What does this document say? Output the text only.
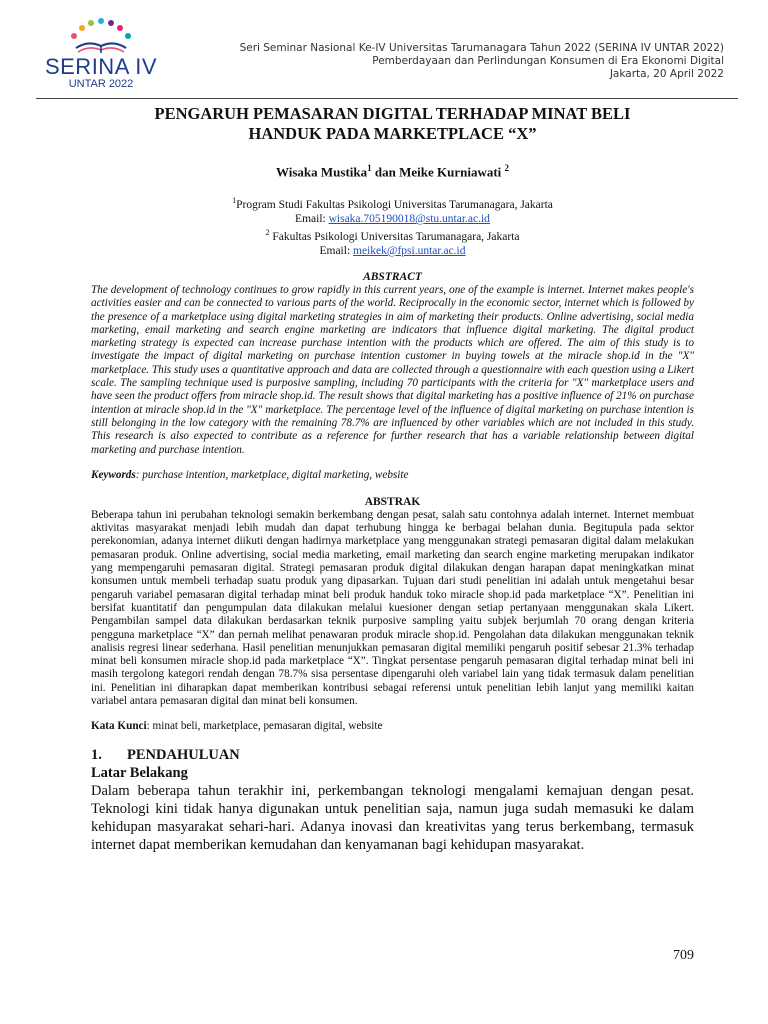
SERINA IV
UNTAR 2022
Seri Seminar Nasional Ke-IV Universitas Tarumanagara Tahun 2022 (SERINA IV UNTAR 2022)
Pemberdayaan dan Perlindungan Konsumen di Era Ekonomi Digital
Jakarta, 20 April 2022
PENGARUH PEMASARAN DIGITAL TERHADAP MINAT BELI
HANDUK PADA MARKETPLACE “X”
Wisaka Mustika$^1$ dan Meike Kurniawati $^2$
$^1$Program Studi Fakultas Psikologi Universitas Tarumanagara, Jakarta
Email: wisaka.705190018@stu.untar.ac.id
$^2$ Fakultas Psikologi Universitas Tarumanagara, Jakarta
Email: meikek@fpsi.untar.ac.id
ABSTRACT

The development of technology continues to grow rapidly in this current years, one of the example is internet. Internet makes people's activities easier and can be connected to various parts of the world. Reciprocally in the economic sector, internet which is followed by the presence of a marketplace using digital marketing strategies in aim of marketing their products. Online advertising, social media marketing, email marketing and search engine marketing are indicators that influence digital marketing. The digital product marketing strategy is expected can increase purchase intention with the products which are offered. The aim of this study is to investigate the impact of digital marketing on purchase intention customer in buying towels at the miracle shop.id in the "X" marketplace. This study uses a quantitative approach and data are collected through a questionnaire with each question using a Likert scale. The sampling technique used is purposive sampling, including 70 participants with the criteria for "X" marketplace users and have seen the product offers from miracle shop.id. The result shows that digital marketing has a positive influence of 21% on purchase intention at miracle shop.id in the "X" marketplace. The percentage level of the influence of digital marketing on purchase intention is still belonging in the low category with the remaining 78.7% are influenced by other variables which are not included in this study. This research is also expected to contribute as a reference for further research that has a variable relationship between digital marketing and purchase intention.

Keywords: purchase intention, marketplace, digital marketing, website
ABSTRAK

Beberapa tahun ini perubahan teknologi semakin berkembang dengan pesat, salah satu contohnya adalah internet. Internet membuat aktivitas masyarakat menjadi lebih mudah dan dapat terhubung hingga ke berbagai belahan dunia. Begitupula pada sektor perekonomian, adanya internet diikuti dengan hadirnya marketplace yang menggunakan strategi pemasaran digital dalam melakukan pemasaran produk. Online advertising, social media marketing, email marketing dan search engine marketing merupakan indikator yang mempengaruhi pemasaran digital. Strategi pemasaran produk digital dilakukan dengan harapan dapat meningkatkan minat konsumen untuk membeli terhadap suatu produk yang dipasarkan. Tujuan dari studi penelitian ini adalah untuk mengetahui besar pengaruh variabel pemasaran digital terhadap minat beli produk handuk toko miracle shop.id pada marketplace “X”. Penelitian ini bersifat kuantitatif dan pengumpulan data dilakukan melalui kuesioner dengan setiap pertanyaan menggunakan skala Likert. Pengambilan sampel data dilakukan berdasarkan teknik purposive sampling yaitu subjek berjumlah 70 orang dengan kriteria pengguna marketplace “X” dan pernah melihat penawaran produk miracle shop.id. Pengolahan data dilakukan menggunakan teknik analisis regresi linear sederhana. Hasil penelitian menunjukkan pemasaran digital memiliki pengaruh positif sebesar 21.3% terhadap minat beli konsumen miracle shop.id pada marketplace “X”. Tingkat persentase pengaruh pemasaran digital terhadap minat beli ini masih tergolong kategori rendah dengan 78.7% sisa persentase dipengaruhi oleh variabel lain yang tidak termasuk dalam penelitian ini. Penelitian ini diharapkan dapat memberikan kontribusi sebagai referensi untuk penelitian lebih lanjut yang memiliki kaitan variabel antara pemasaran digital dan minat beli konsumen.

Kata Kunci: minat beli, marketplace, pemasaran digital, website
1. PENDAHULUAN
Latar Belakang

Dalam beberapa tahun terakhir ini, perkembangan teknologi mengalami kemajuan dengan pesat. Teknologi kini tidak hanya digunakan untuk penelitian saja, namun juga sudah memasuki ke dalam kehidupan masyarakat sehari-hari. Adanya inovasi dan kreativitas yang terus berkembang, termasuk internet dapat memberikan kemudahan dan kenyamanan bagi kehidupan masyarakat.

709
